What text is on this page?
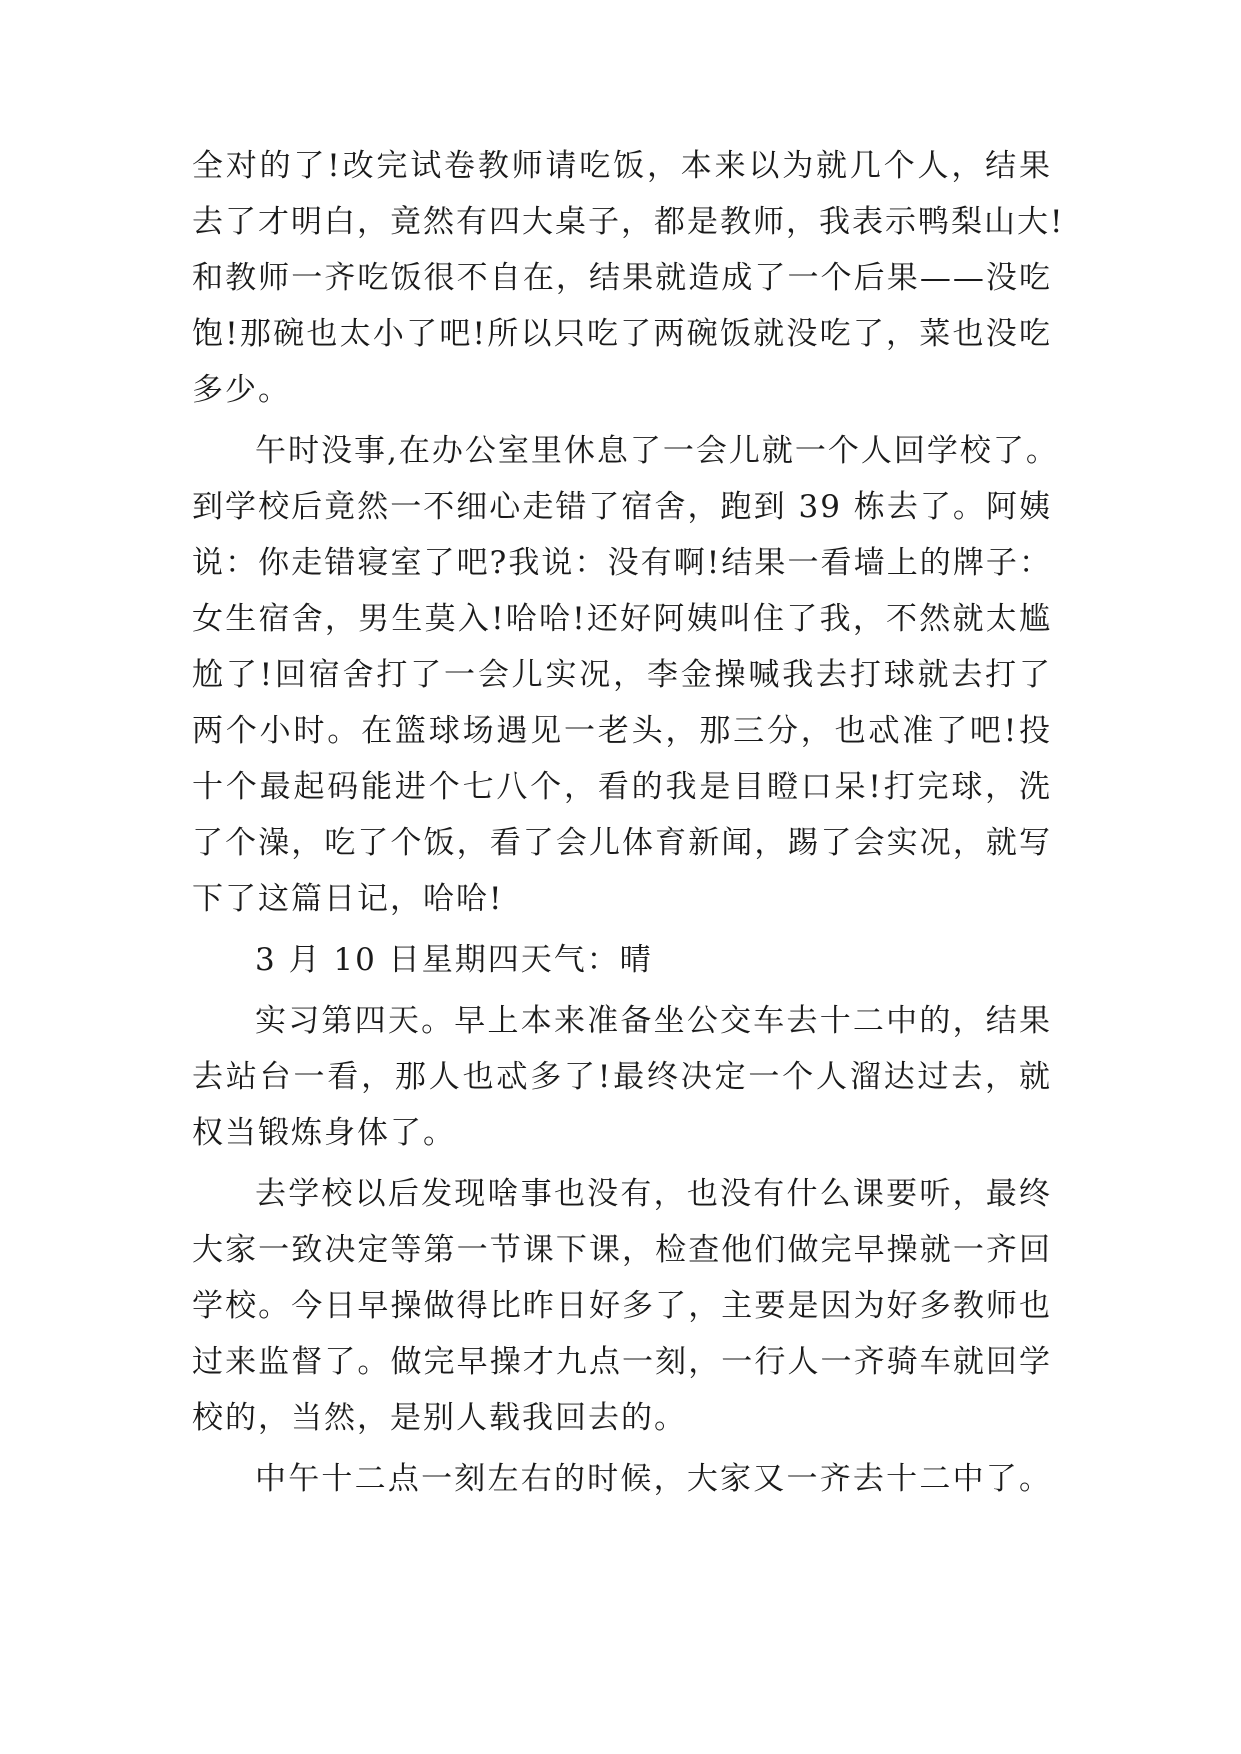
全对的了!改完试卷教师请吃饭，本来以为就几个人，结果
去了才明白，竟然有四大桌子，都是教师，我表示鸭梨山大!
和教师一齐吃饭很不自在，结果就造成了一个后果——没吃
饱!那碗也太小了吧!所以只吃了两碗饭就没吃了，菜也没吃
多少。
午时没事,在办公室里休息了一会儿就一个人回学校了。
到学校后竟然一不细心走错了宿舍，跑到 39 栋去了。阿姨
说：你走错寝室了吧?我说：没有啊!结果一看墙上的牌子：
女生宿舍，男生莫入!哈哈!还好阿姨叫住了我，不然就太尴
尬了!回宿舍打了一会儿实况，李金操喊我去打球就去打了
两个小时。在篮球场遇见一老头，那三分，也忒准了吧!投
十个最起码能进个七八个，看的我是目瞪口呆!打完球，洗
了个澡，吃了个饭，看了会儿体育新闻，踢了会实况，就写
下了这篇日记，哈哈!
3 月 10 日星期四天气：晴
实习第四天。早上本来准备坐公交车去十二中的，结果
去站台一看，那人也忒多了!最终决定一个人溜达过去，就
权当锻炼身体了。
去学校以后发现啥事也没有，也没有什么课要听，最终
大家一致决定等第一节课下课，检查他们做完早操就一齐回
学校。今日早操做得比昨日好多了，主要是因为好多教师也
过来监督了。做完早操才九点一刻，一行人一齐骑车就回学
校的，当然，是别人载我回去的。
中午十二点一刻左右的时候，大家又一齐去十二中了。
